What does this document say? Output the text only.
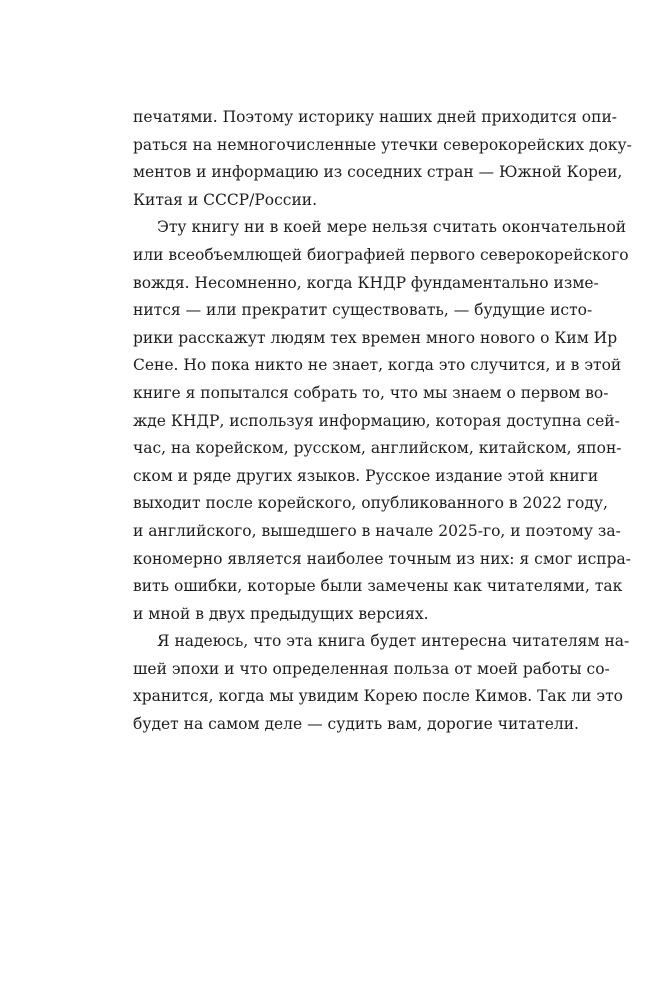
печатями. Поэтому историку наших дней приходится опи-
раться на немногочисленные утечки северокорейских доку-
ментов и информацию из соседних стран — Южной Кореи,
Китая и СССР/России.
Эту книгу ни в коей мере нельзя считать окончательной
или всеобъемлющей биографией первого северокорейского
вождя. Несомненно, когда КНДР фундаментально изме-
нится — или прекратит существовать, — будущие истo-
рики расскажут людям тех времен много нового о Ким Ир
Сене. Но пока никто не знает, когда это случится, и в этой
книге я попытался собрать то, что мы знаем о первом во-
жде КНДР, используя информацию, которая доступна сей-
час, на корейском, русском, английском, китайском, япон-
ском и ряде других языков. Русское издание этой книги
выходит после корейского, опубликованного в 2022 году,
и английского, вышедшего в начале 2025-го, и поэтому за-
кономерно является наиболее точным из них: я смог испра-
вить ошибки, которые были замечены как читателями, так
и мной в двух предыдущих версиях.
Я надеюсь, что эта книга будет интересна читателям на-
шей эпохи и что определенная польза от моей работы со-
хранится, когда мы увидим Корею после Кимов. Так ли это
будет на самом деле — судить вам, дорогие читатели.
